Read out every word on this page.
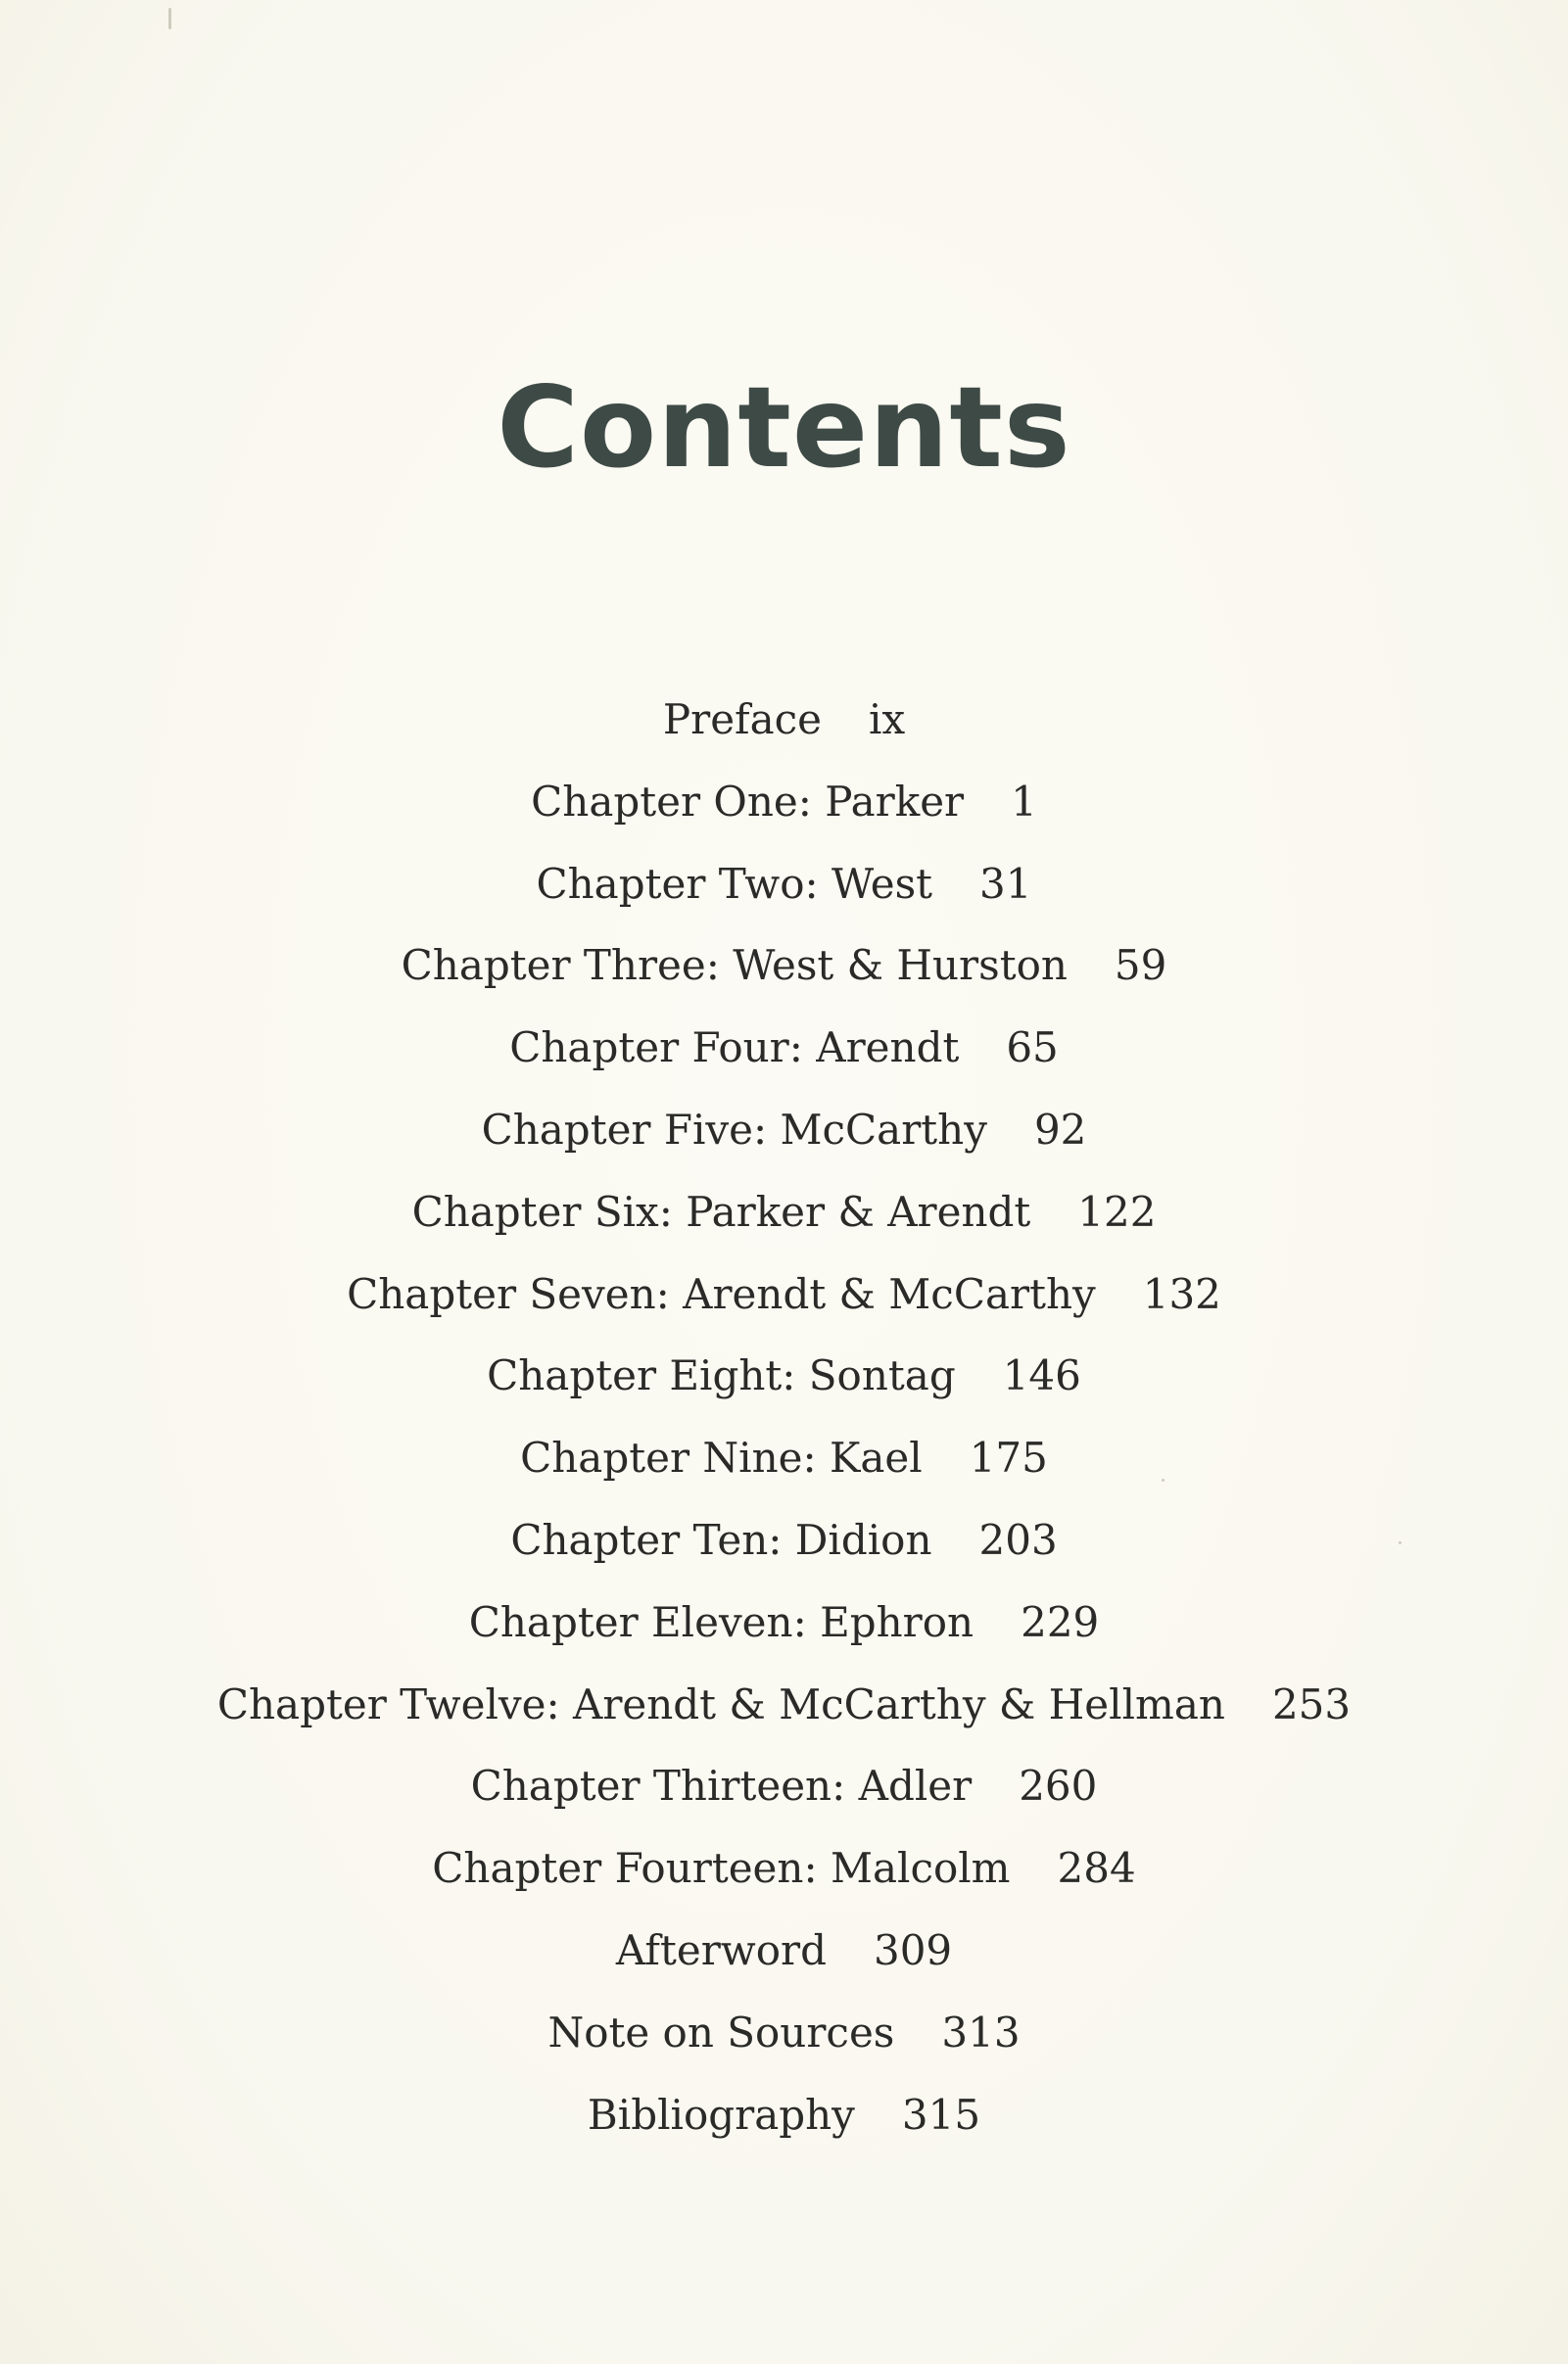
Contents
Preface ix
Chapter One: Parker 1
Chapter Two: West 31
Chapter Three: West & Hurston 59
Chapter Four: Arendt 65
Chapter Five: McCarthy 92
Chapter Six: Parker & Arendt 122
Chapter Seven: Arendt & McCarthy 132
Chapter Eight: Sontag 146
Chapter Nine: Kael 175
Chapter Ten: Didion 203
Chapter Eleven: Ephron 229
Chapter Twelve: Arendt & McCarthy & Hellman 253
Chapter Thirteen: Adler 260
Chapter Fourteen: Malcolm 284
Afterword 309
Note on Sources 313
Bibliography 315
